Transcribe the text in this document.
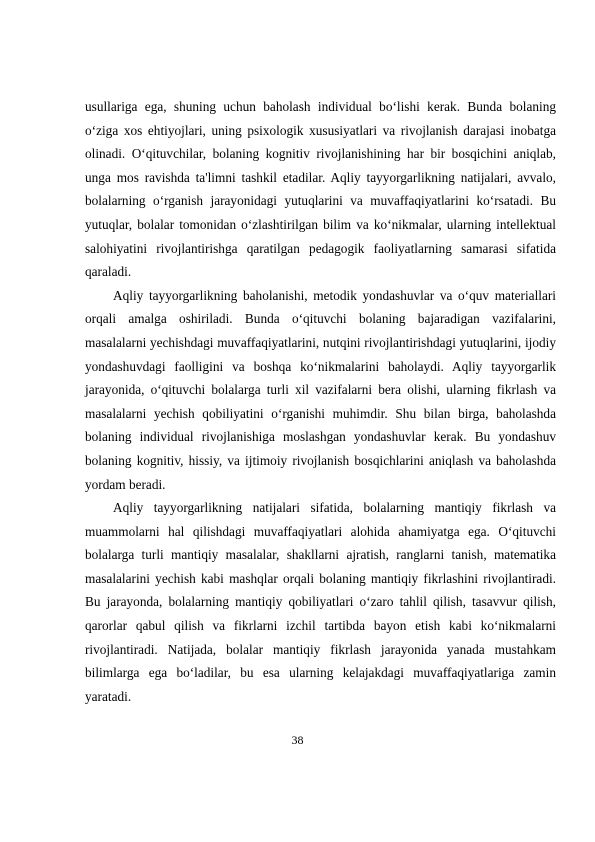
usullariga ega, shuning uchun baholash individual bo‘lishi kerak. Bunda bolaning o‘ziga xos ehtiyojlari, uning psixologik xususiyatlari va rivojlanish darajasi inobatga olinadi. O‘qituvchilar, bolaning kognitiv rivojlanishining har bir bosqichini aniqlab, unga mos ravishda ta'limni tashkil etadilar. Aqliy tayyorgarlikning natijalari, avvalo, bolalarning o‘rganish jarayonidagi yutuqlarini va muvaffaqiyatlarini ko‘rsatadi. Bu yutuqlar, bolalar tomonidan o‘zlashtirilgan bilim va ko‘nikmalar, ularning intellektual salohiyatini rivojlantirishga qaratilgan pedagogik faoliyatlarning samarasi sifatida qaraladi.

Aqliy tayyorgarlikning baholanishi, metodik yondashuvlar va o‘quv materiallari orqali amalga oshiriladi. Bunda o‘qituvchi bolaning bajaradigan vazifalarini, masalalarni yechishdagi muvaffaqiyatlarini, nutqini rivojlantirishdagi yutuqlarini, ijodiy yondashuvdagi faolligini va boshqa ko‘nikmalarini baholaydi. Aqliy tayyorgarlik jarayonida, o‘qituvchi bolalarga turli xil vazifalarni bera olishi, ularning fikrlash va masalalarni yechish qobiliyatini o‘rganishi muhimdir. Shu bilan birga, baholashda bolaning individual rivojlanishiga moslashgan yondashuvlar kerak. Bu yondashuv bolaning kognitiv, hissiy, va ijtimoiy rivojlanish bosqichlarini aniqlash va baholashda yordam beradi.

Aqliy tayyorgarlikning natijalari sifatida, bolalarning mantiqiy fikrlash va muammolarni hal qilishdagi muvaffaqiyatlari alohida ahamiyatga ega. O‘qituvchi bolalarga turli mantiqiy masalalar, shakllarni ajratish, ranglarni tanish, matematika masalalarini yechish kabi mashqlar orqali bolaning mantiqiy fikrlashini rivojlantiradi. Bu jarayonda, bolalarning mantiqiy qobiliyatlari o‘zaro tahlil qilish, tasavvur qilish, qarorlar qabul qilish va fikrlarni izchil tartibda bayon etish kabi ko‘nikmalarni rivojlantiradi. Natijada, bolalar mantiqiy fikrlash jarayonida yanada mustahkam bilimlarga ega bo‘ladilar, bu esa ularning kelajakdagi muvaffaqiyatlariga zamin yaratadi.

38
